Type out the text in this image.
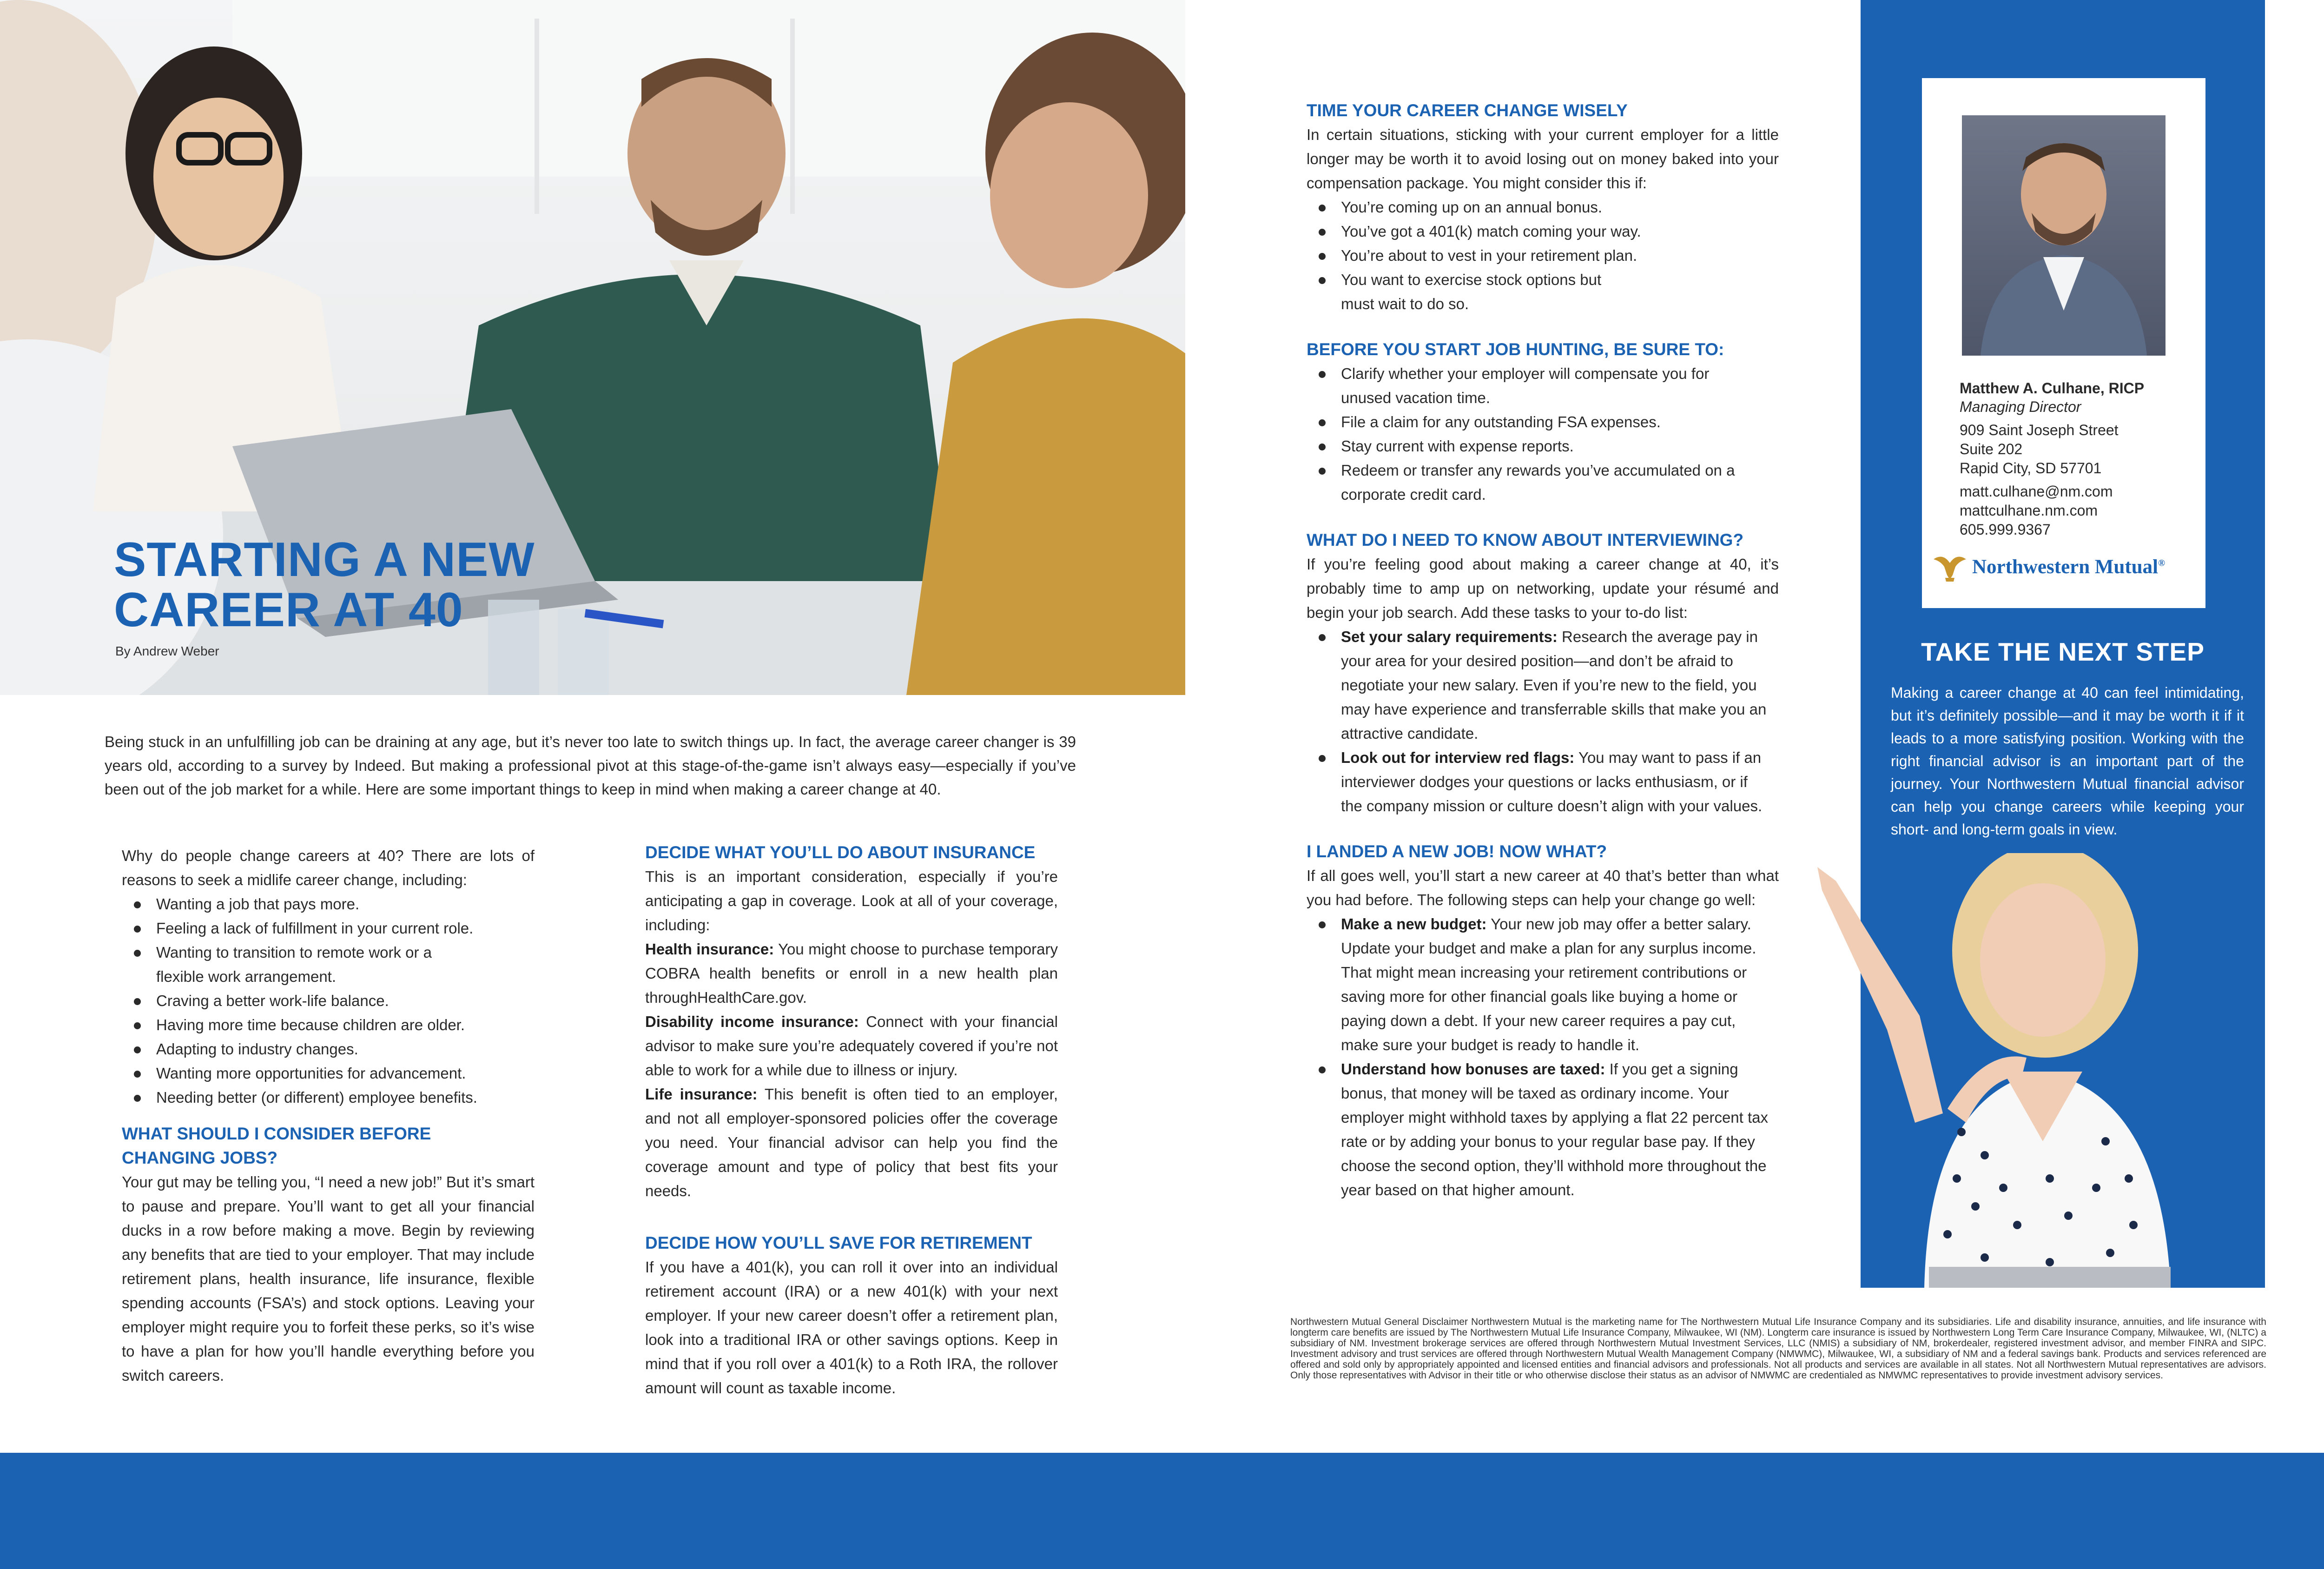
STARTING A NEW
CAREER AT 40
By Andrew Weber

Being stuck in an unfulfilling job can be draining at any age, but it’s never too late to switch things up. In fact, the average career changer is 39 years old, according to a survey by Indeed. But making a professional pivot at this stage-of-the-game isn’t always easy—especially if you’ve been out of the job market for a while. Here are some important things to keep in mind when making a career change at 40.

Why do people change careers at 40? There are lots of reasons to seek a midlife career change, including:

Wanting a job that pays more.
Feeling a lack of fulfillment in your current role.
Wanting to transition to remote work or a flexible work arrangement.
Craving a better work-life balance.
Having more time because children are older.
Adapting to industry changes.
Wanting more opportunities for advancement.
Needing better (or different) employee benefits.
WHAT SHOULD I CONSIDER BEFORE
CHANGING JOBS?

Your gut may be telling you, “I need a new job!” But it’s smart to pause and prepare. You’ll want to get all your financial ducks in a row before making a move. Begin by reviewing any benefits that are tied to your employer. That may include retirement plans, health insurance, life insurance, flexible spending accounts (FSA’s) and stock options. Leaving your employer might require you to forfeit these perks, so it’s wise to have a plan for how you’ll handle everything before you switch careers.

DECIDE WHAT YOU’LL DO ABOUT INSURANCE

This is an important consideration, especially if you’re anticipating a gap in coverage. Look at all of your coverage, including:

Health insurance: You might choose to purchase temporary COBRA health benefits or enroll in a new health plan throughHealthCare.gov.

Disability income insurance: Connect with your financial advisor to make sure you’re adequately covered if you’re not able to work for a while due to illness or injury.

Life insurance: This benefit is often tied to an employer, and not all employer-sponsored policies offer the coverage you need. Your financial advisor can help you find the coverage amount and type of policy that best fits your needs.

DECIDE HOW YOU’LL SAVE FOR RETIREMENT

If you have a 401(k), you can roll it over into an individual retirement account (IRA) or a new 401(k) with your next employer. If your new career doesn’t offer a retirement plan, look into a traditional IRA or other savings options. Keep in mind that if you roll over a 401(k) to a Roth IRA, the rollover amount will count as taxable income.

TIME YOUR CAREER CHANGE WISELY

In certain situations, sticking with your current employer for a little longer may be worth it to avoid losing out on money baked into your compensation package. You might consider this if:

You’re coming up on an annual bonus.
You’ve got a 401(k) match coming your way.
You’re about to vest in your retirement plan.
You want to exercise stock options but must wait to do so.
BEFORE YOU START JOB HUNTING, BE SURE TO:
Clarify whether your employer will compensate you for unused vacation time.
File a claim for any outstanding FSA expenses.
Stay current with expense reports.
Redeem or transfer any rewards you’ve accumulated on a corporate credit card.
WHAT DO I NEED TO KNOW ABOUT INTERVIEWING?

If you’re feeling good about making a career change at 40, it’s probably time to amp up on networking, update your résumé and begin your job search. Add these tasks to your to-do list:

Set your salary requirements: Research the average pay in your area for your desired position—and don’t be afraid to negotiate your new salary. Even if you’re new to the field, you may have experience and transferrable skills that make you an attractive candidate.
Look out for interview red flags: You may want to pass if an interviewer dodges your questions or lacks enthusiasm, or if the company mission or culture doesn’t align with your values.
I LANDED A NEW JOB! NOW WHAT?

If all goes well, you’ll start a new career at 40 that’s better than what you had before. The following steps can help your change go well:

Make a new budget: Your new job may offer a better salary. Update your budget and make a plan for any surplus income. That might mean increasing your retirement contributions or saving more for other financial goals like buying a home or paying down a debt. If your new career requires a pay cut, make sure your budget is ready to handle it.
Understand how bonuses are taxed: If you get a signing bonus, that money will be taxed as ordinary income. Your employer might withhold taxes by applying a flat 22 percent tax rate or by adding your bonus to your regular base pay. If they choose the second option, they’ll withhold more throughout the year based on that higher amount.
Matthew A. Culhane, RICP
Managing Director
909 Saint Joseph Street
Suite 202
Rapid City, SD 57701
matt.culhane@nm.com
mattculhane.nm.com
605.999.9367
Northwestern Mutual®
TAKE THE NEXT STEP

Making a career change at 40 can feel intimidating, but it’s definitely possible—and it may be worth it if it leads to a more satisfying position. Working with the right financial advisor is an important part of the journey. Your Northwestern Mutual financial advisor can help you change careers while keeping your short- and long-term goals in view.

Northwestern Mutual General Disclaimer Northwestern Mutual is the marketing name for The Northwestern Mutual Life Insurance Company and its subsidiaries. Life and disability insurance, annuities, and life insurance with longterm care benefits are issued by The Northwestern Mutual Life Insurance Company, Milwaukee, WI (NM). Longterm care insurance is issued by Northwestern Long Term Care Insurance Company, Milwaukee, WI, (NLTC) a subsidiary of NM. Investment brokerage services are offered through Northwestern Mutual Investment Services, LLC (NMIS) a subsidiary of NM, brokerdealer, registered investment advisor, and member FINRA and SIPC. Investment advisory and trust services are offered through Northwestern Mutual Wealth Management Company (NMWMC), Milwaukee, WI, a subsidiary of NM and a federal savings bank. Products and services referenced are offered and sold only by appropriately appointed and licensed entities and financial advisors and professionals. Not all products and services are available in all states. Not all Northwestern Mutual representatives are advisors. Only those representatives with Advisor in their title or who otherwise disclose their status as an advisor of NMWMC are credentialed as NMWMC representatives to provide investment advisory services.
